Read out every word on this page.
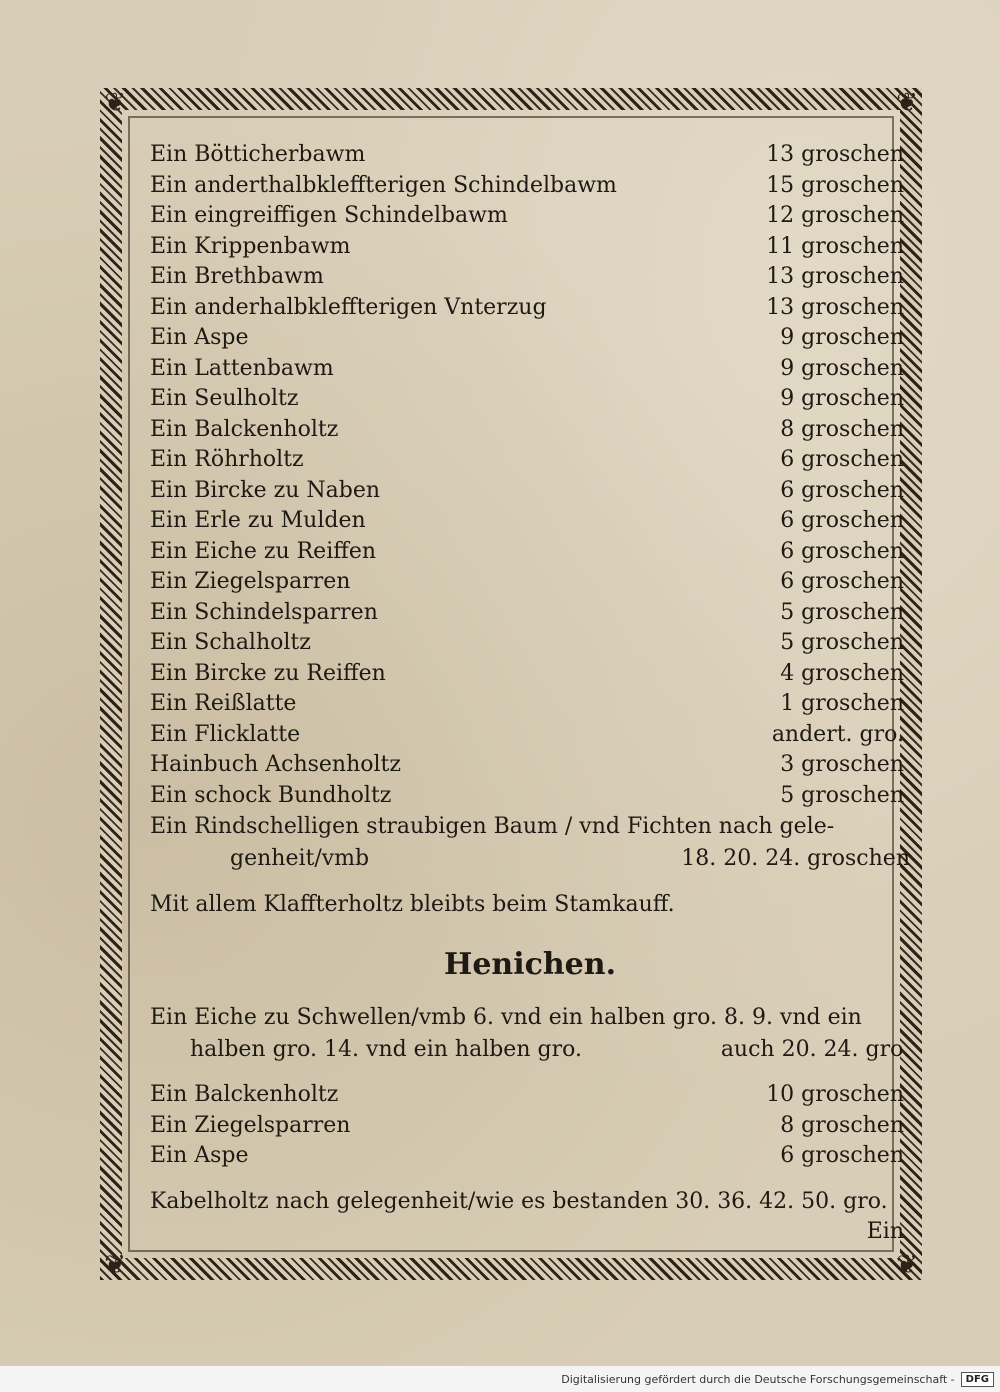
❦	❦
❦	❦
Ein Bötticherbawm	13 groschen
Ein anderthalbkleffterigen Schindelbawm	15 groschen
Ein eingreiffigen Schindelbawm	12 groschen
Ein Krippenbawm	11 groschen
Ein Brethbawm	13 groschen
Ein anderhalbkleffterigen Vnterzug	13 groschen
Ein Aspe	9 groschen
Ein Lattenbawm	9 groschen
Ein Seulholtz	9 groschen
Ein Balckenholtz	8 groschen
Ein Röhrholtz	6 groschen
Ein Bircke zu Naben	6 groschen
Ein Erle zu Mulden	6 groschen
Ein Eiche zu Reiffen	6 groschen
Ein Ziegelsparren	6 groschen
Ein Schindelsparren	5 groschen
Ein Schalholtz	5 groschen
Ein Bircke zu Reiffen	4 groschen
Ein Reißlatte	1 groschen
Ein Flicklatte	andert. gro.
Hainbuch Achsenholtz	3 groschen
Ein schock Bundholtz	5 groschen
Ein Rindschelligen straubigen Baum / vnd Fichten nach gele-
genheit/vmb	18. 20. 24. groschen
Mit allem Klaffterholtz bleibts beim Stamkauff.
Henichen.
Ein Eiche zu Schwellen/vmb 6. vnd ein halben gro. 8. 9. vnd ein
halben gro. 14. vnd ein halben gro.	auch 20. 24. gro.
Ein Balckenholtz	10 groschen
Ein Ziegelsparren	8 groschen
Ein Aspe	6 groschen
Kabelholtz nach gelegenheit/wie es bestanden 30. 36. 42. 50. gro.
Ein
Digitalisierung gefördert durch die Deutsche Forschungsgemeinschaft -	DFG
